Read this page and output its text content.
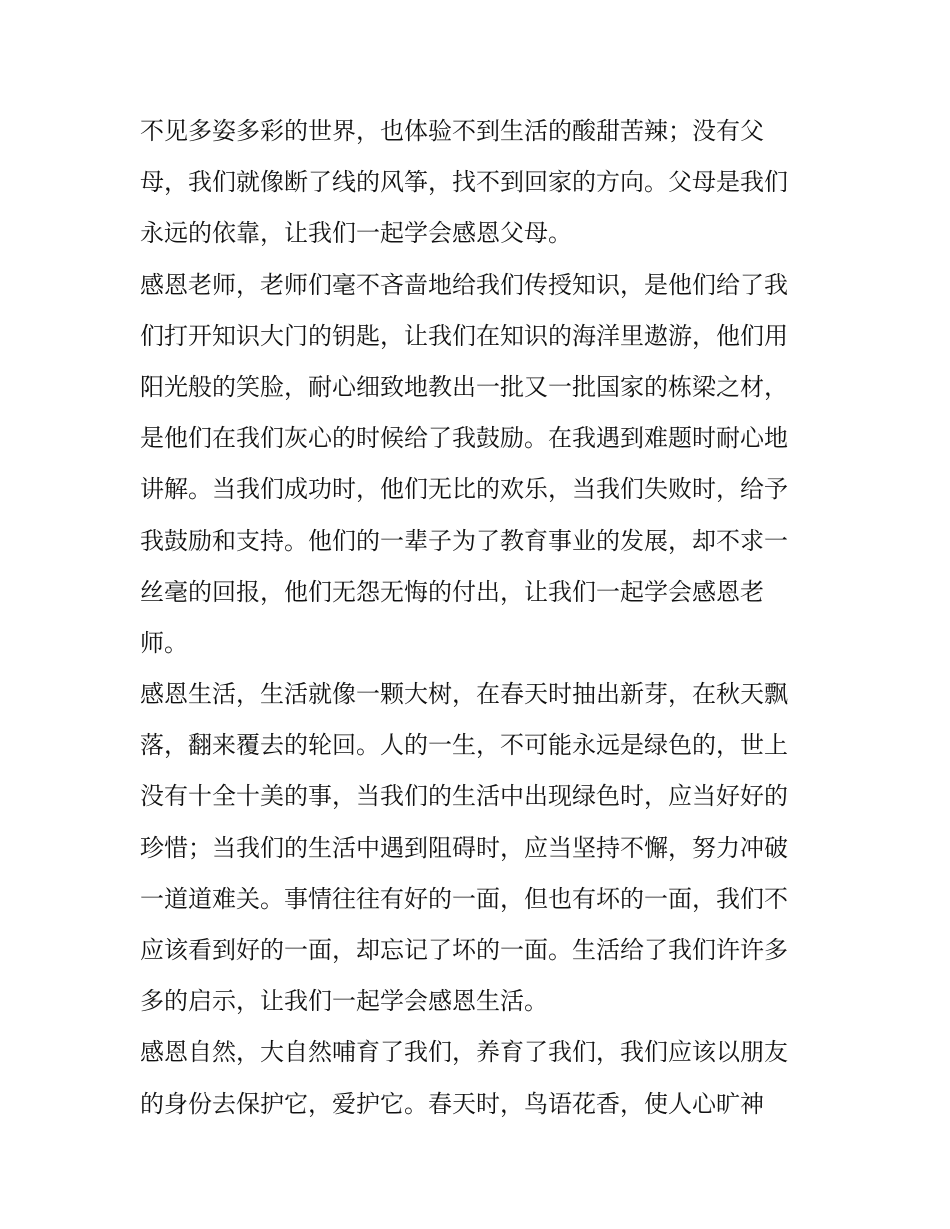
不见多姿多彩的世界，也体验不到生活的酸甜苦辣；没有父
母，我们就像断了线的风筝，找不到回家的方向。父母是我们
永远的依靠，让我们一起学会感恩父母。
感恩老师，老师们毫不吝啬地给我们传授知识，是他们给了我
们打开知识大门的钥匙，让我们在知识的海洋里遨游，他们用
阳光般的笑脸，耐心细致地教出一批又一批国家的栋梁之材，
是他们在我们灰心的时候给了我鼓励。在我遇到难题时耐心地
讲解。当我们成功时，他们无比的欢乐，当我们失败时，给予
我鼓励和支持。他们的一辈子为了教育事业的发展，却不求一
丝毫的回报，他们无怨无悔的付出，让我们一起学会感恩老
师。
感恩生活，生活就像一颗大树，在春天时抽出新芽，在秋天飘
落，翻来覆去的轮回。人的一生，不可能永远是绿色的，世上
没有十全十美的事，当我们的生活中出现绿色时，应当好好的
珍惜；当我们的生活中遇到阻碍时，应当坚持不懈，努力冲破
一道道难关。事情往往有好的一面，但也有坏的一面，我们不
应该看到好的一面，却忘记了坏的一面。生活给了我们许许多
多的启示，让我们一起学会感恩生活。
感恩自然，大自然哺育了我们，养育了我们，我们应该以朋友
的身份去保护它，爱护它。春天时，鸟语花香，使人心旷神
